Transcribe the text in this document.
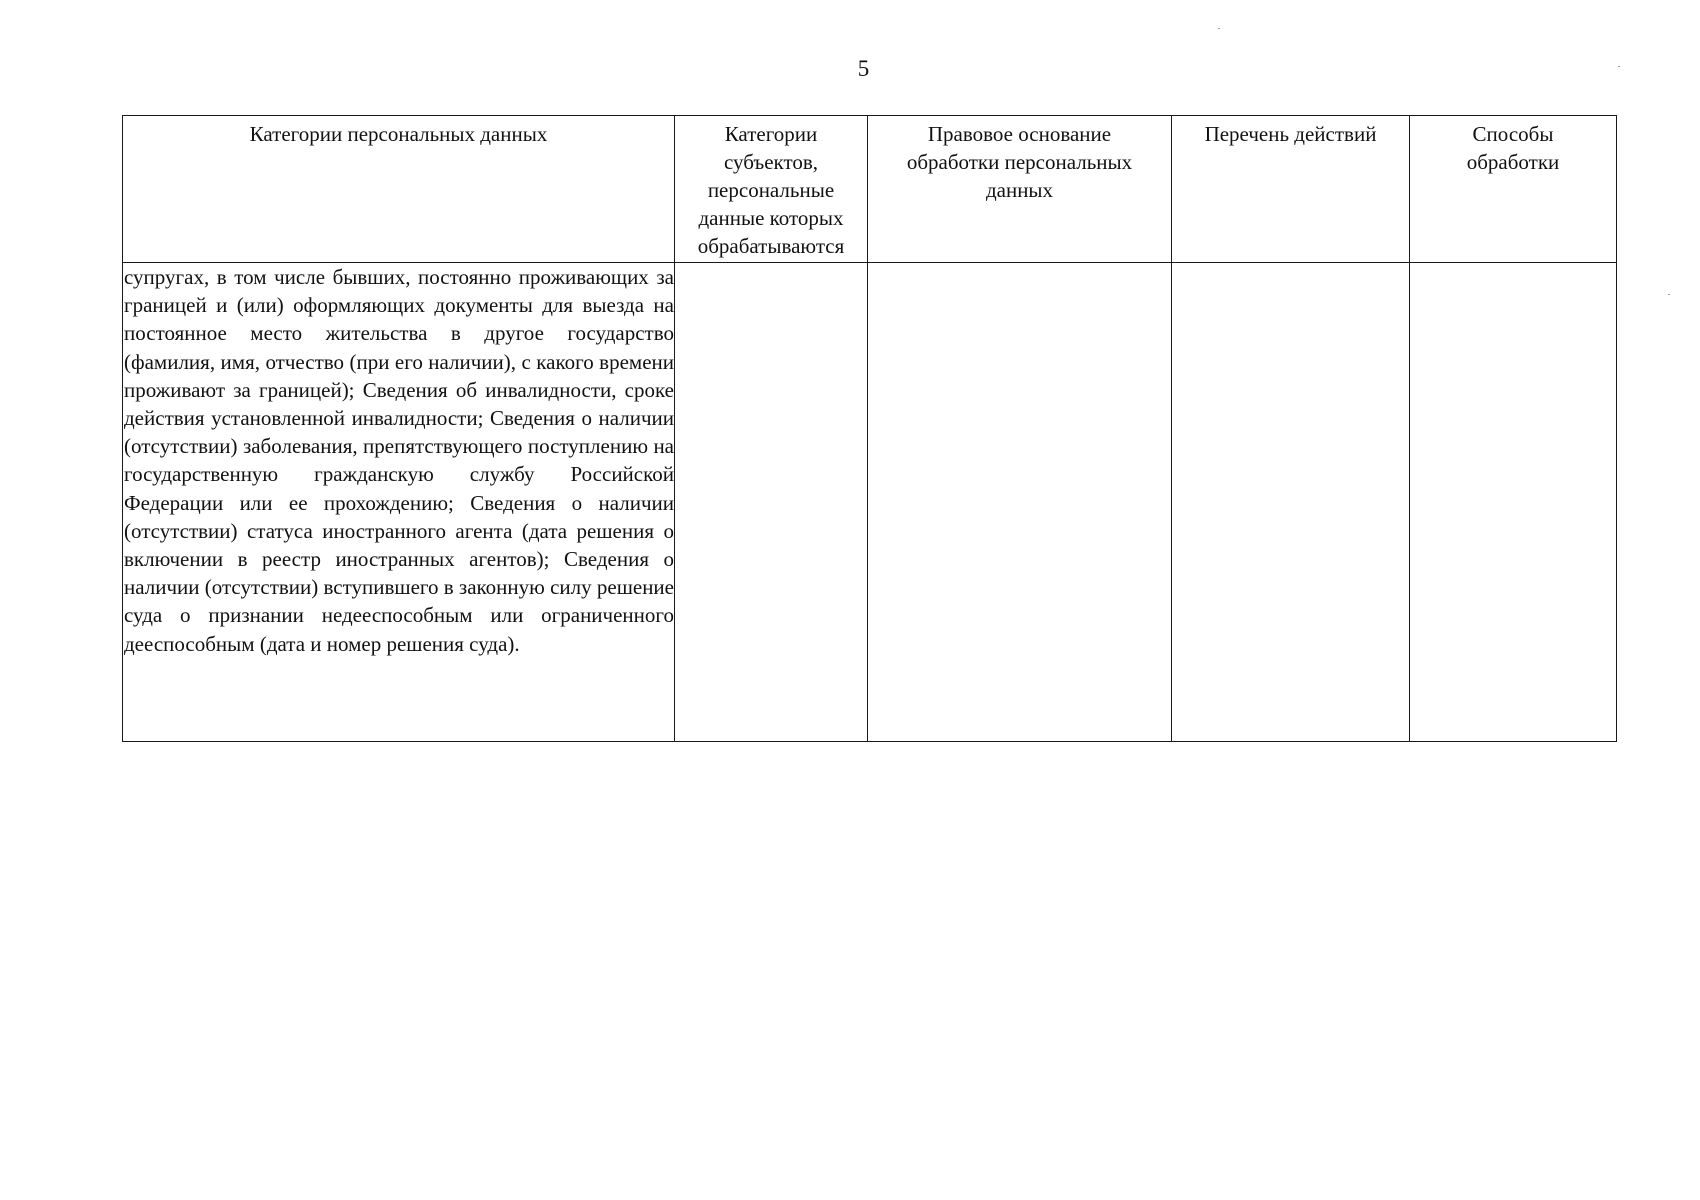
5
Категории персональных данных	Категории субъектов, персональные данные которых обрабатываются	Правовое основание обработки персональных данных	Перечень действий	Способы обработки

супругах, в том числе бывших, постоянно проживающих за границей и (или) оформляющих документы для выезда на постоянное место жительства в другое государство (фамилия, имя, отчество (при его наличии), с какого времени проживают за границей); Сведения об инвалидности, сроке действия установленной инвалидности; Сведения о наличии (отсутствии) заболевания, препятствующего поступлению на государственную гражданскую службу Российской Федерации или ее прохождению; Сведения о наличии (отсутствии) статуса иностранного агента (дата решения о включении в реестр иностранных агентов); Сведения о наличии (отсутствии) вступившего в законную силу решение суда о признании недееспособным или ограниченного дееспособным (дата и номер решения суда).				
